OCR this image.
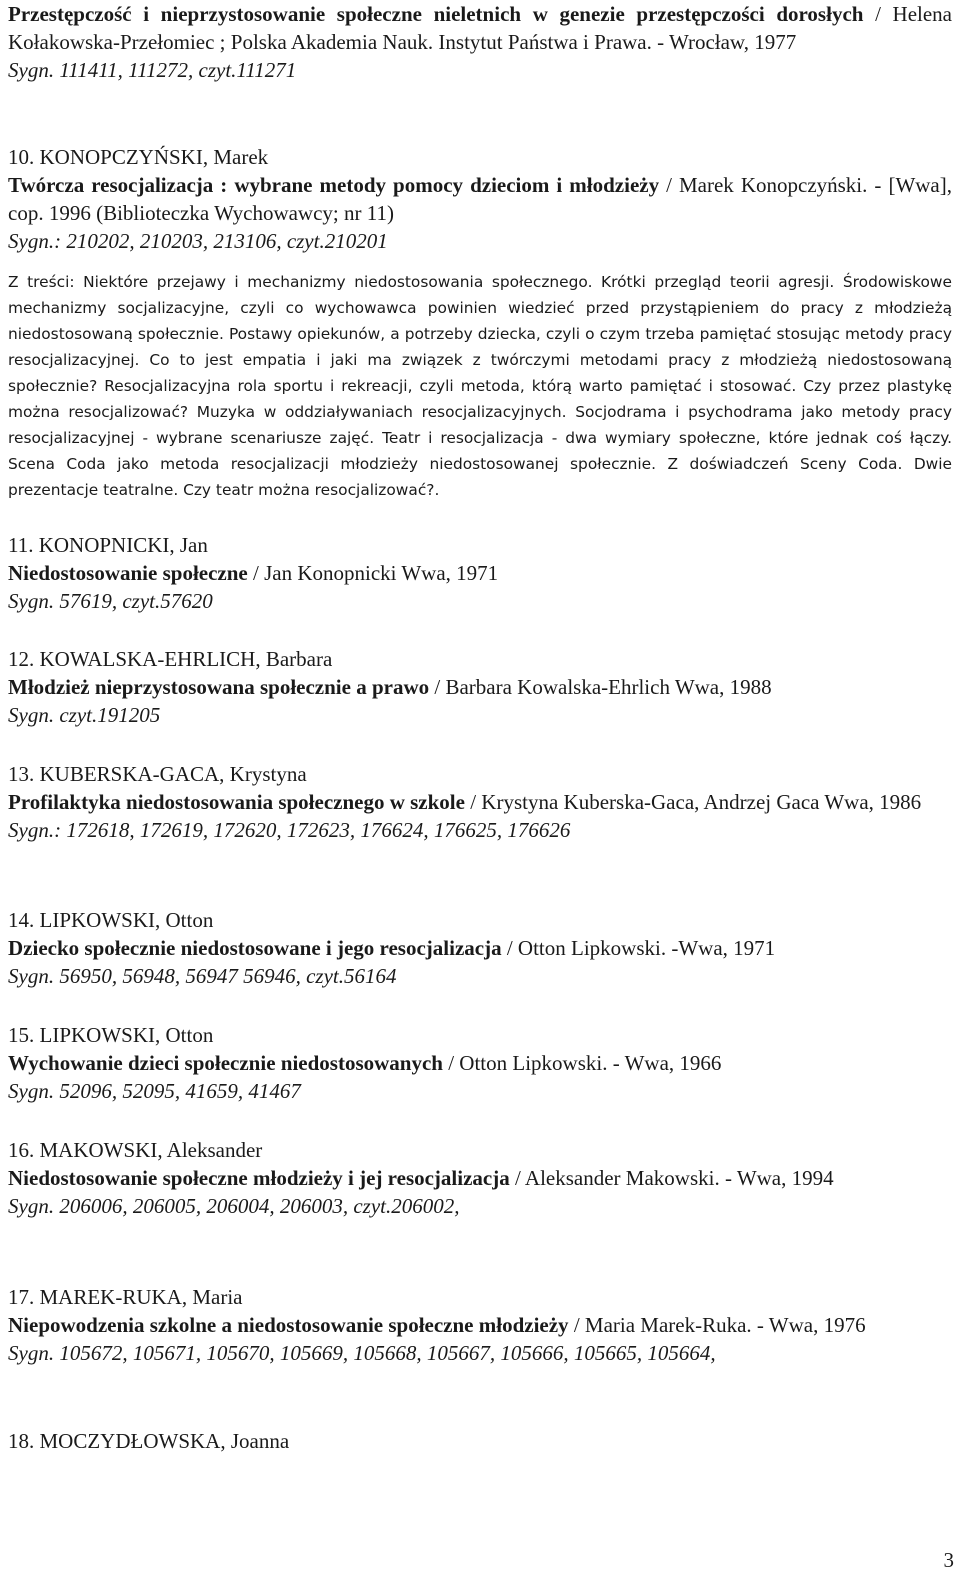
Przestępczość i nieprzystosowanie społeczne nieletnich w genezie przestępczości dorosłych / Helena Kołakowska-Przełomiec ; Polska Akademia Nauk. Instytut Państwa i Prawa. - Wrocław, 1977

Sygn. 111411, 111272, czyt.111271

10. KONOPCZYŃSKI, Marek

Twórcza resocjalizacja : wybrane metody pomocy dzieciom i młodzieży / Marek Konopczyński. - [Wwa], cop. 1996 (Biblioteczka Wychowawcy; nr 11)

Sygn.: 210202, 210203, 213106, czyt.210201

Z treści: Niektóre przejawy i mechanizmy niedostosowania społecznego. Krótki przegląd teorii agresji. Środowiskowe mechanizmy socjalizacyjne, czyli co wychowawca powinien wiedzieć przed przystąpieniem do pracy z młodzieżą niedostosowaną społecznie. Postawy opiekunów, a potrzeby dziecka, czyli o czym trzeba pamiętać stosując metody pracy resocjalizacyjnej. Co to jest empatia i jaki ma związek z twórczymi metodami pracy z młodzieżą niedostosowaną społecznie? Resocjalizacyjna rola sportu i rekreacji, czyli metoda, którą warto pamiętać i stosować. Czy przez plastykę można resocjalizować? Muzyka w oddziaływaniach resocjalizacyjnych. Socjodrama i psychodrama jako metody pracy resocjalizacyjnej - wybrane scenariusze zajęć. Teatr i resocjalizacja - dwa wymiary społeczne, które jednak coś łączy. Scena Coda jako metoda resocjalizacji młodzieży niedostosowanej społecznie. Z doświadczeń Sceny Coda. Dwie prezentacje teatralne. Czy teatr można resocjalizować?.

11. KONOPNICKI, Jan

Niedostosowanie społeczne / Jan Konopnicki Wwa, 1971

Sygn. 57619, czyt.57620

12. KOWALSKA-EHRLICH, Barbara

Młodzież nieprzystosowana społecznie a prawo / Barbara Kowalska-Ehrlich Wwa, 1988

Sygn. czyt.191205

13. KUBERSKA-GACA, Krystyna

Profilaktyka niedostosowania społecznego w szkole / Krystyna Kuberska-Gaca, Andrzej Gaca Wwa, 1986

Sygn.: 172618, 172619, 172620, 172623, 176624, 176625, 176626

14. LIPKOWSKI, Otton

Dziecko społecznie niedostosowane i jego resocjalizacja / Otton Lipkowski. -Wwa, 1971

Sygn. 56950, 56948, 56947 56946, czyt.56164

15. LIPKOWSKI, Otton

Wychowanie dzieci społecznie niedostosowanych / Otton Lipkowski. - Wwa, 1966

Sygn. 52096, 52095, 41659, 41467

16. MAKOWSKI, Aleksander

Niedostosowanie społeczne młodzieży i jej resocjalizacja / Aleksander Makowski. - Wwa, 1994

Sygn. 206006, 206005, 206004, 206003, czyt.206002,

17. MAREK-RUKA, Maria

Niepowodzenia szkolne a niedostosowanie społeczne młodzieży / Maria Marek-Ruka. - Wwa, 1976

Sygn. 105672, 105671, 105670, 105669, 105668, 105667, 105666, 105665, 105664,

18. MOCZYDŁOWSKA, Joanna

3
